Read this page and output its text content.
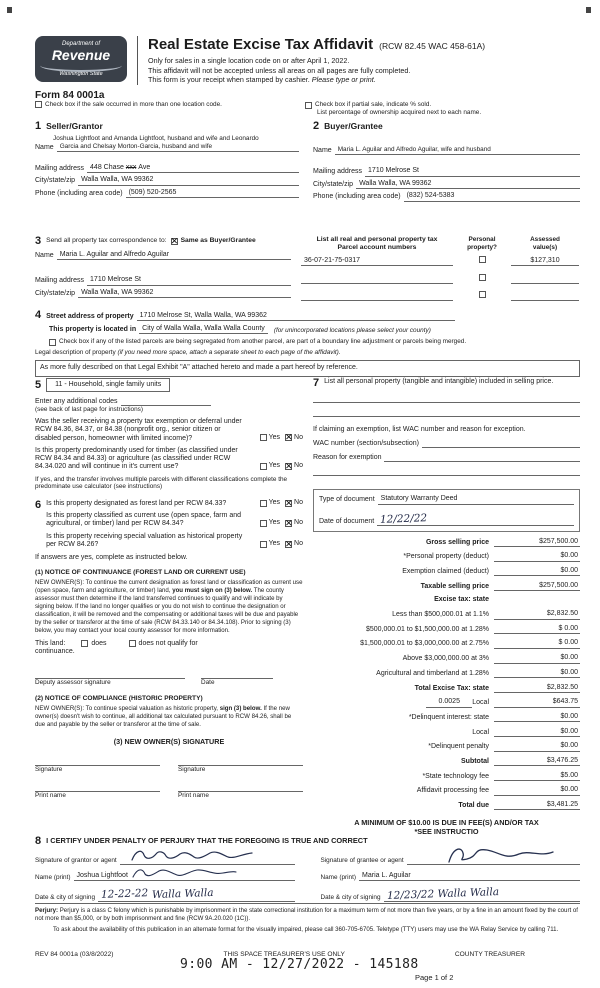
Department of
Revenue
Washington State
Form 84 0001a
Real Estate Excise Tax Affidavit (RCW 82.45 WAC 458-61A)
Only for sales in a single location code on or after April 1, 2022.
This affidavit will not be accepted unless all areas on all pages are fully completed.
This form is your receipt when stamped by cashier. Please type or print.
Check box if the sale occurred in more than one location code.	Check box if partial sale, indicate % sold.
List percentage of ownership acquired next to each name.
1 Seller/Grantor
Joshua Lightfoot and Amanda Lightfoot, husband and wife and Leonardo
Name Garcia and Chelsay Morton-Garcia, husband and wife
Mailing address 448 Chase xxx Ave
City/state/zip Walla Walla, WA 99362
Phone (including area code) (509) 520-2565
2 Buyer/Grantee
Name Maria L. Aguilar and Alfredo Aguilar, wife and husband
Mailing address 1710 Melrose St
City/state/zip Walla Walla, WA 99362
Phone (including area code) (832) 524-5383
3 Send all property tax correspondence to: ✕ Same as Buyer/Grantee
Name Maria L. Aguilar and Alfredo Aguilar
Mailing address 1710 Melrose St
City/state/zip Walla Walla, WA 99362
List all real and personal property tax
Parcel account numbers
Personal
property?
Assessed
value(s)
36-07-21-75-0317	$127,310

4 Street address of property 1710 Melrose St, Walla Walla, WA 99362
This property is located in City of Walla Walla, Walla Walla County	(for unincorporated locations please select your county)
Check box if any of the listed parcels are being segregated from another parcel, are part of a boundary line adjustment or parcels being merged.
Legal description of property (if you need more space, attach a separate sheet to each page of the affidavit).
As more fully described on that Legal Exhibit "A" attached hereto and made a part hereof by reference.
5	11 - Household, single family units
Enter any additional codes
(see back of last page for instructions)
Was the seller receiving a property tax exemption or deferral under RCW 84.36, 84.37, or 84.38 (nonprofit org., senior citizen or disabled person, homeowner with limited income)?	Yes ✕ No
Is this property predominantly used for timber (as classified under RCW 84.34 and 84.33) or agriculture (as classified under RCW 84.34.020 and will continue in it's current use?	Yes ✕ No
If yes, and the transfer involves multiple parcels with different classifications complete the predominate use calculator (see instructions)
6 Is this property designated as forest land per RCW 84.33?	Yes ✕ No
Is this property classified as current use (open space, farm and agricultural, or timber) land per RCW 84.34?	Yes ✕ No
Is this property receiving special valuation as historical property per RCW 84.26?	Yes ✕ No
If answers are yes, complete as instructed below.
(1) NOTICE OF CONTINUANCE (FOREST LAND OR CURRENT USE)
NEW OWNER(S): To continue the current designation as forest land or classification as current use (open space, farm and agriculture, or timber) land, you must sign on (3) below. The county assessor must then determine if the land transferred continues to qualify and will indicate by signing below. If the land no longer qualifies or you do not wish to continue the designation or classification, it will be removed and the compensating or additional taxes will be due and payable by the seller or transferor at the time of sale (RCW 84.33.140 or 84.34.108). Prior to signing (3) below, you may contact your local county assessor for more information.
This land:	does	does not qualify for
continuance.
Deputy assessor signature	Date
(2) NOTICE OF COMPLIANCE (HISTORIC PROPERTY)
NEW OWNER(S): To continue special valuation as historic property, sign (3) below. If the new owner(s) doesn't wish to continue, all additional tax calculated pursuant to RCW 84.26, shall be due and payable by the seller or transferor at the time of sale.
(3) NEW OWNER(S) SIGNATURE
Signature	Signature
Print name	Print name
7 List all personal property (tangible and intangible) included in selling price.
If claiming an exemption, list WAC number and reason for exception.
WAC number (section/subsection)
Reason for exemption
Type of document Statutory Warranty Deed
Date of document 12/22/22
Gross selling price	$257,500.00
*Personal property (deduct)	$0.00
Exemption claimed (deduct)	$0.00
Taxable selling price	$257,500.00
Excise tax: state
Less than $500,000.01 at 1.1%	$2,832.50
$500,000.01 to $1,500,000.00 at 1.28%	$ 0.00
$1,500,000.01 to $3,000,000.00 at 2.75%	$ 0.00
Above $3,000,000.00 at 3%	$0.00
Agricultural and timberland at 1.28%	$0.00
Total Excise Tax: state	$2,832.50
0.0025	Local	$643.75
*Delinquent interest: state	$0.00
Local	$0.00
*Delinquent penalty	$0.00
Subtotal	$3,476.25
*State technology fee	$5.00
Affidavit processing fee	$0.00
Total due	$3,481.25
A MINIMUM OF $10.00 IS DUE IN FEE(S) AND/OR TAX
*SEE INSTRUCTIO
8 I CERTIFY UNDER PENALTY OF PERJURY THAT THE FOREGOING IS TRUE AND CORRECT
Signature of grantor or agent
Name (print) Joshua Lightfoot
Date & city of signing 12-22-22 Walla Walla
Signature of grantee or agent
Name (print) Maria L. Aguilar
Date & city of signing 12/23/22 Walla Walla
Perjury: Perjury is a class C felony which is punishable by imprisonment in the state correctional institution for a maximum term of not more than five years, or by a fine in an amount fixed by the court of not more than $5,000, or by both imprisonment and fine (RCW 9A.20.020 (1C)).
To ask about the availability of this publication in an alternate format for the visually impaired, please call 360-705-6705. Teletype (TTY) users may use the WA Relay Service by calling 711.
REV 84 0001a (03/8/2022)	THIS SPACE TREASURER'S USE ONLY	COUNTY TREASURER
9:00 AM - 12/27/2022 - 145188
Page 1 of 2
